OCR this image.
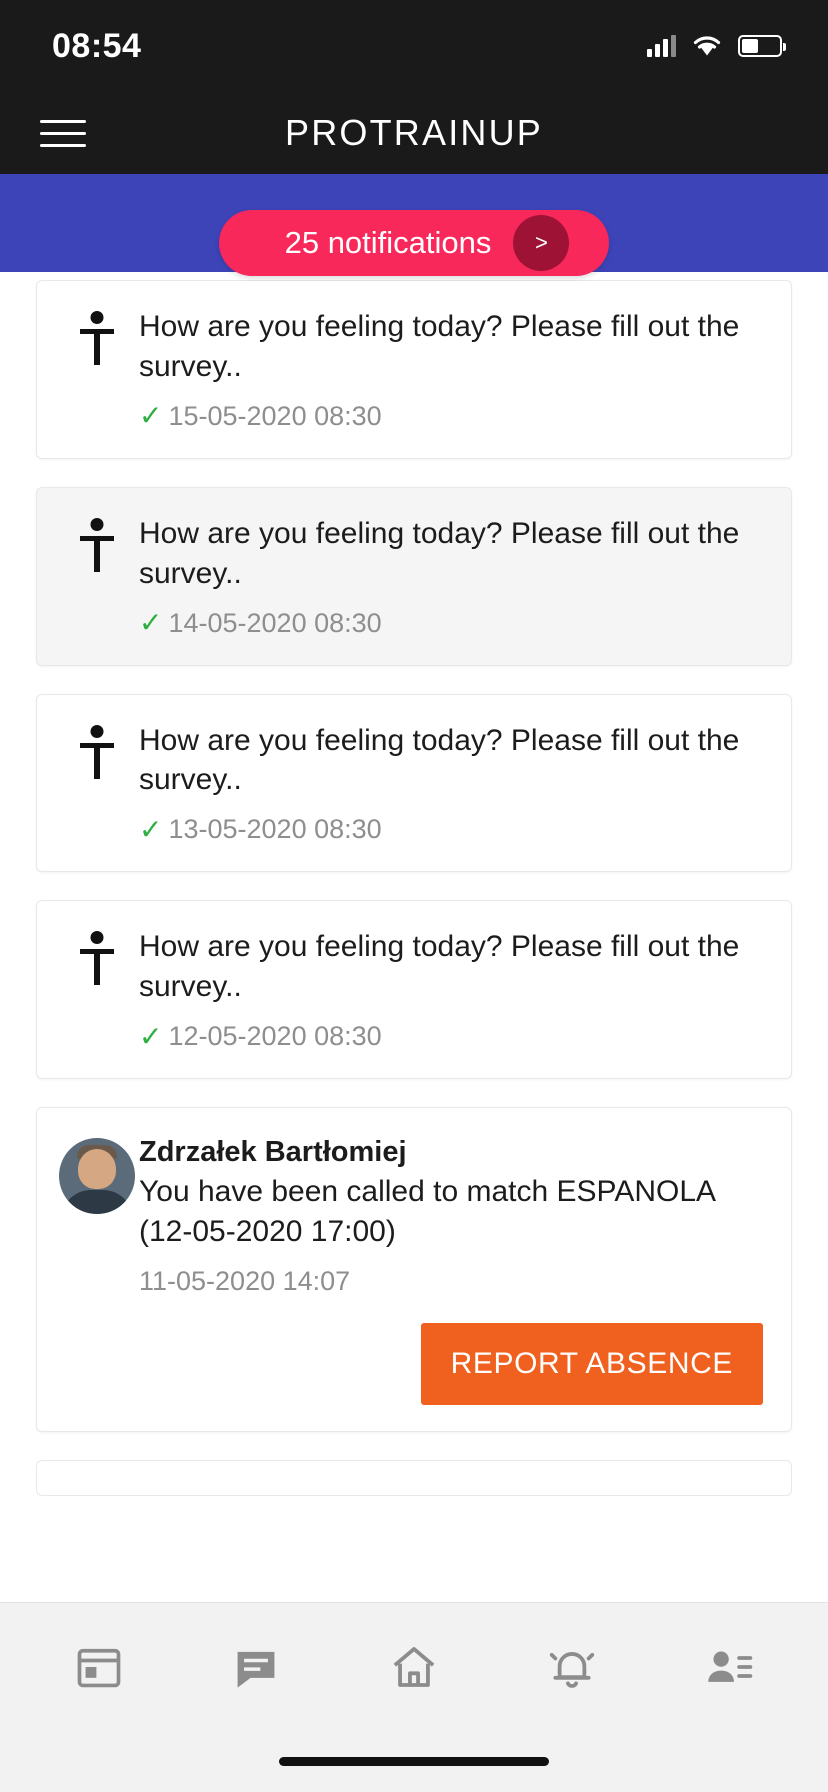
08:54
PROTRAINUP
25 notifications	>
How are you feeling today? Please fill out the survey..
✓ 15-05-2020 08:30
How are you feeling today? Please fill out the survey..
✓ 14-05-2020 08:30
How are you feeling today? Please fill out the survey..
✓ 13-05-2020 08:30
How are you feeling today? Please fill out the survey..
✓ 12-05-2020 08:30
Zdrzałek Bartłomiej
You have been called to match ESPANOLA (12-05-2020 17:00)
11-05-2020 14:07
REPORT ABSENCE
